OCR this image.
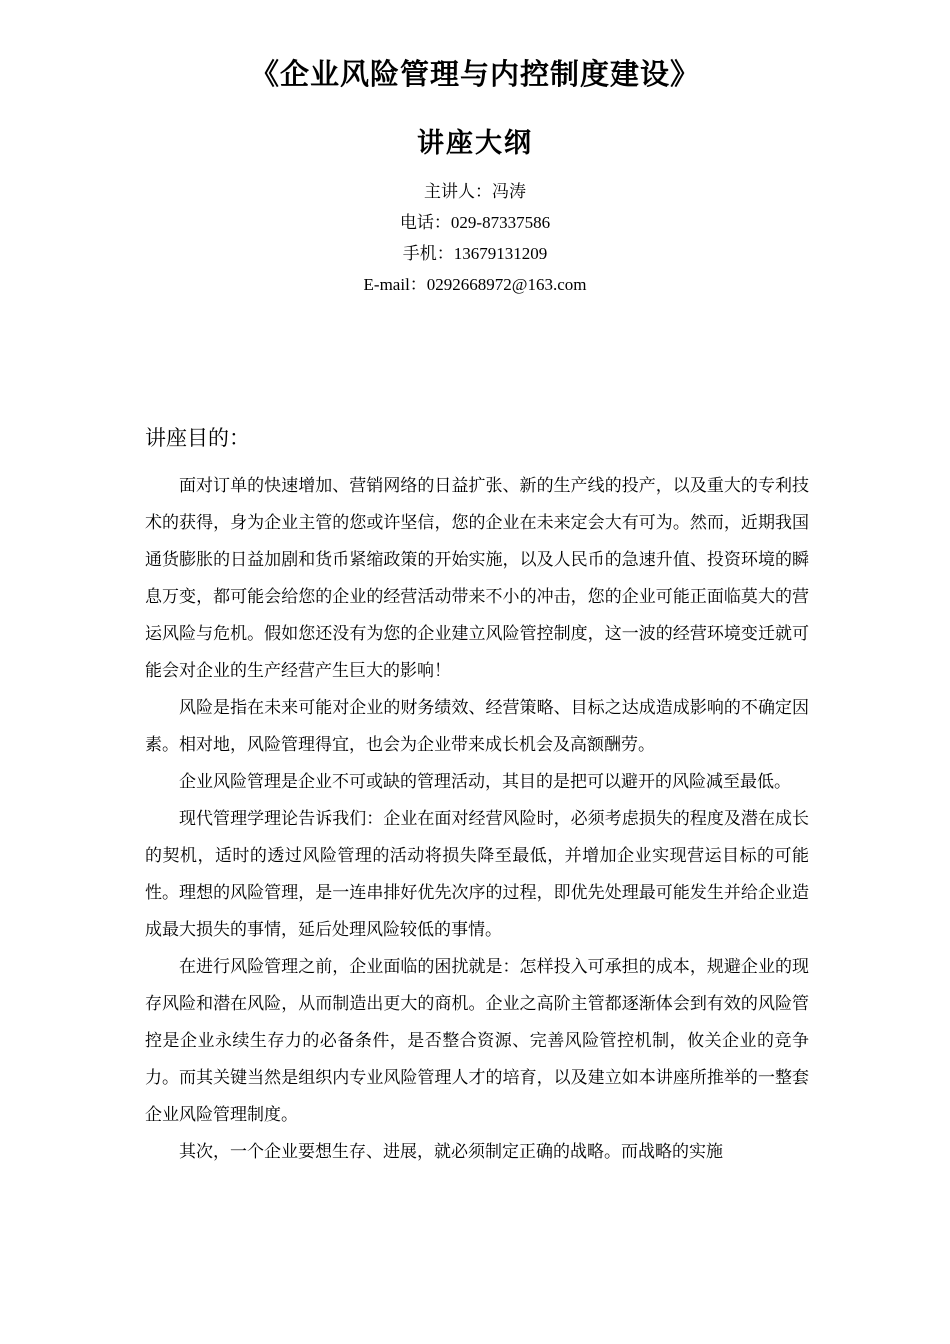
《企业风险管理与内控制度建设》
讲座大纲
主讲人：冯涛
电话：029-87337586
手机：13679131209
E-mail：0292668972@163.com
讲座目的：

面对订单的快速增加、营销网络的日益扩张、新的生产线的投产，以及重大的专利技术的获得，身为企业主管的您或许坚信，您的企业在未来定会大有可为。然而，近期我国通货膨胀的日益加剧和货币紧缩政策的开始实施，以及人民币的急速升值、投资环境的瞬息万变，都可能会给您的企业的经营活动带来不小的冲击，您的企业可能正面临莫大的营运风险与危机。假如您还没有为您的企业建立风险管控制度，这一波的经营环境变迁就可能会对企业的生产经营产生巨大的影响！

风险是指在未来可能对企业的财务绩效、经营策略、目标之达成造成影响的不确定因素。相对地，风险管理得宜，也会为企业带来成长机会及高额酬劳。

企业风险管理是企业不可或缺的管理活动，其目的是把可以避开的风险减至最低。

现代管理学理论告诉我们：企业在面对经营风险时，必须考虑损失的程度及潜在成长的契机，适时的透过风险管理的活动将损失降至最低，并增加企业实现营运目标的可能性。理想的风险管理，是一连串排好优先次序的过程，即优先处理最可能发生并给企业造成最大损失的事情，延后处理风险较低的事情。

在进行风险管理之前，企业面临的困扰就是：怎样投入可承担的成本，规避企业的现存风险和潜在风险，从而制造出更大的商机。企业之高阶主管都逐渐体会到有效的风险管控是企业永续生存力的必备条件，是否整合资源、完善风险管控机制，攸关企业的竞争力。而其关键当然是组织内专业风险管理人才的培育，以及建立如本讲座所推举的一整套企业风险管理制度。

其次，一个企业要想生存、进展，就必须制定正确的战略。而战略的实施
